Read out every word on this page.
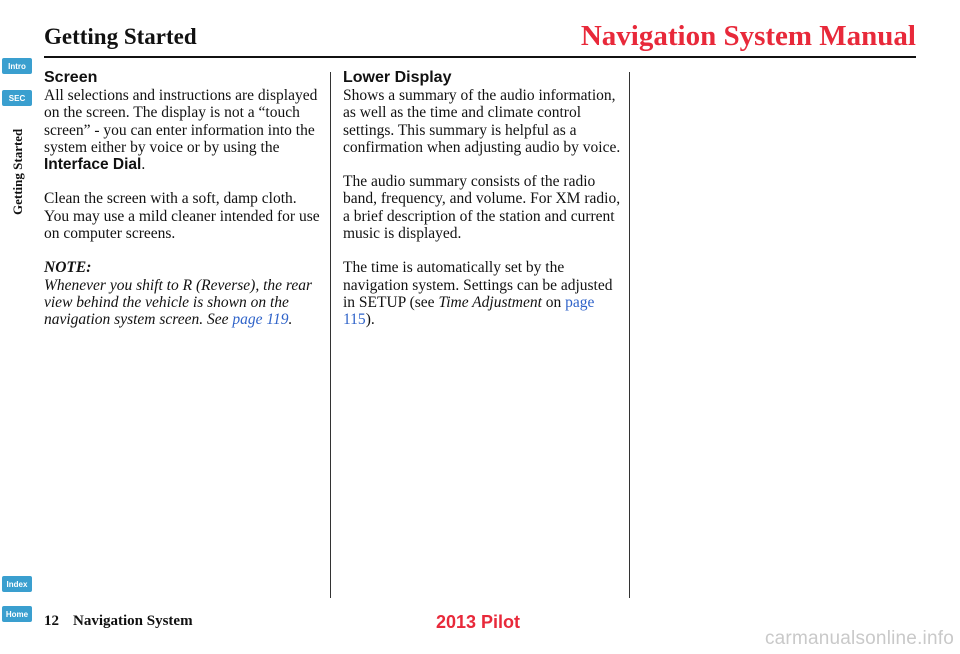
Getting Started	Navigation System Manual
Intro
SEC
Getting Started
Index
Home
Screen

All selections and instructions are displayed on the screen. The display is not a “touch screen” - you can enter information into the system either by voice or by using the Interface Dial.

Clean the screen with a soft, damp cloth. You may use a mild cleaner intended for use on computer screens.

NOTE:

Whenever you shift to R (Reverse), the rear view behind the vehicle is shown on the navigation system screen. See page 119.

Lower Display

Shows a summary of the audio information, as well as the time and climate control settings. This summary is helpful as a confirmation when adjusting audio by voice.

The audio summary consists of the radio band, frequency, and volume. For XM radio, a brief description of the station and current music is displayed.

The time is automatically set by the navigation system. Settings can be adjusted in SETUP (see Time Adjustment on page 115).

12 Navigation System	2013 Pilot
carmanualsonline.info
